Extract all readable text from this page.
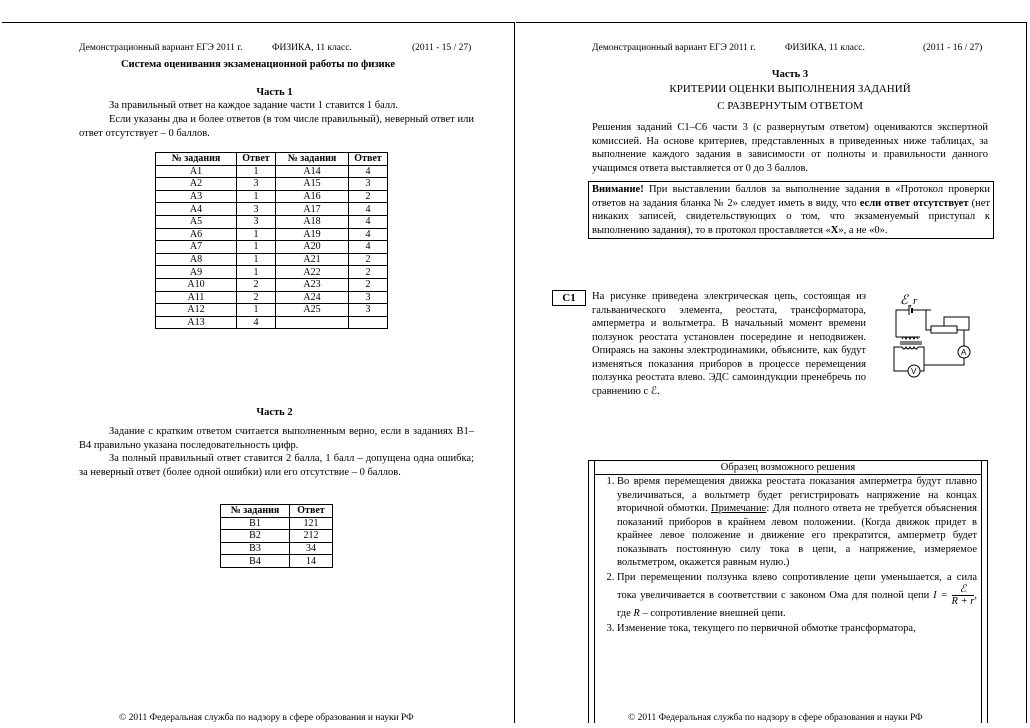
Демонстрационный вариант ЕГЭ 2011 г.	ФИЗИКА, 11 класс.	(2011 - 15 / 27)
Система оценивания экзаменационной работы по физике
Часть 1
За правильный ответ на каждое задание части 1 ставится 1 балл.
Если указаны два и более ответов (в том числе правильный), неверный ответ или ответ отсутствует – 0 баллов.
№ задания	Ответ	№ задания	Ответ
А1	1	А14	4
А2	3	А15	3
А3	1	А16	2
А4	3	А17	4
А5	3	А18	4
А6	1	А19	4
А7	1	А20	4
А8	1	А21	2
А9	1	А22	2
А10	2	А23	2
А11	2	А24	3
А12	1	А25	3
А13	4		
Часть 2
Задание с кратким ответом считается выполненным верно, если в заданиях В1–В4 правильно указана последовательность цифр.
За полный правильный ответ ставится 2 балла, 1 балл – допущена одна ошибка; за неверный ответ (более одной ошибки) или его отсутствие – 0 баллов.
№ задания	Ответ
В1	121
В2	212
В3	34
В4	14
© 2011 Федеральная служба по надзору в сфере образования и науки РФ
Демонстрационный вариант ЕГЭ 2011 г.	ФИЗИКА, 11 класс.	(2011 - 16 / 27)
Часть 3
КРИТЕРИИ ОЦЕНКИ ВЫПОЛНЕНИЯ ЗАДАНИЙ
С РАЗВЕРНУТЫМ ОТВЕТОМ
Решения заданий С1–С6 части 3 (с развернутым ответом) оцениваются экспертной комиссией. На основе критериев, представленных в приведенных ниже таблицах, за выполнение каждого задания в зависимости от полноты и правильности данного учащимся ответа выставляется от 0 до 3 баллов.
Внимание! При выставлении баллов за выполнение задания в «Протокол проверки ответов на задания бланка № 2» следует иметь в виду, что если ответ отсутствует (нет никаких записей, свидетельствующих о том, что экзаменуемый приступал к выполнению задания), то в протокол проставляется «Х», а не «0».
С1	На рисунке приведена электрическая цепь, состоящая из гальванического элемента, реостата, трансформатора, амперметра и вольтметра. В начальный момент времени ползунок реостата установлен посередине и неподвижен. Опираясь на законы электродинамики, объясните, как будут изменяться показания приборов в процессе перемещения ползунка реостата влево. ЭДС самоиндукции пренебречь по сравнению с ℰ.
ℰ , r
A
V
Образец возможного решения
1. Во время перемещения движка реостата показания амперметра будут плавно увеличиваться, а вольтметр будет регистрировать напряжение на концах вторичной обмотки. Примечание: Для полного ответа не требуется объяснения показаний приборов в крайнем левом положении. (Когда движок придет в крайнее левое положение и движение его прекратится, амперметр будет показывать постоянную силу тока в цепи, а напряжение, измеряемое вольтметром, окажется равным нулю.)
2. При перемещении ползунка влево сопротивление цепи уменьшается, а сила тока увеличивается в соответствии с законом Ома для полной цепи $I = \frac{\text{ℰ}}{R + r}$ , где R – сопротивление внешней цепи.
3. Изменение тока, текущего по первичной обмотке трансформатора,
© 2011 Федеральная служба по надзору в сфере образования и науки РФ
